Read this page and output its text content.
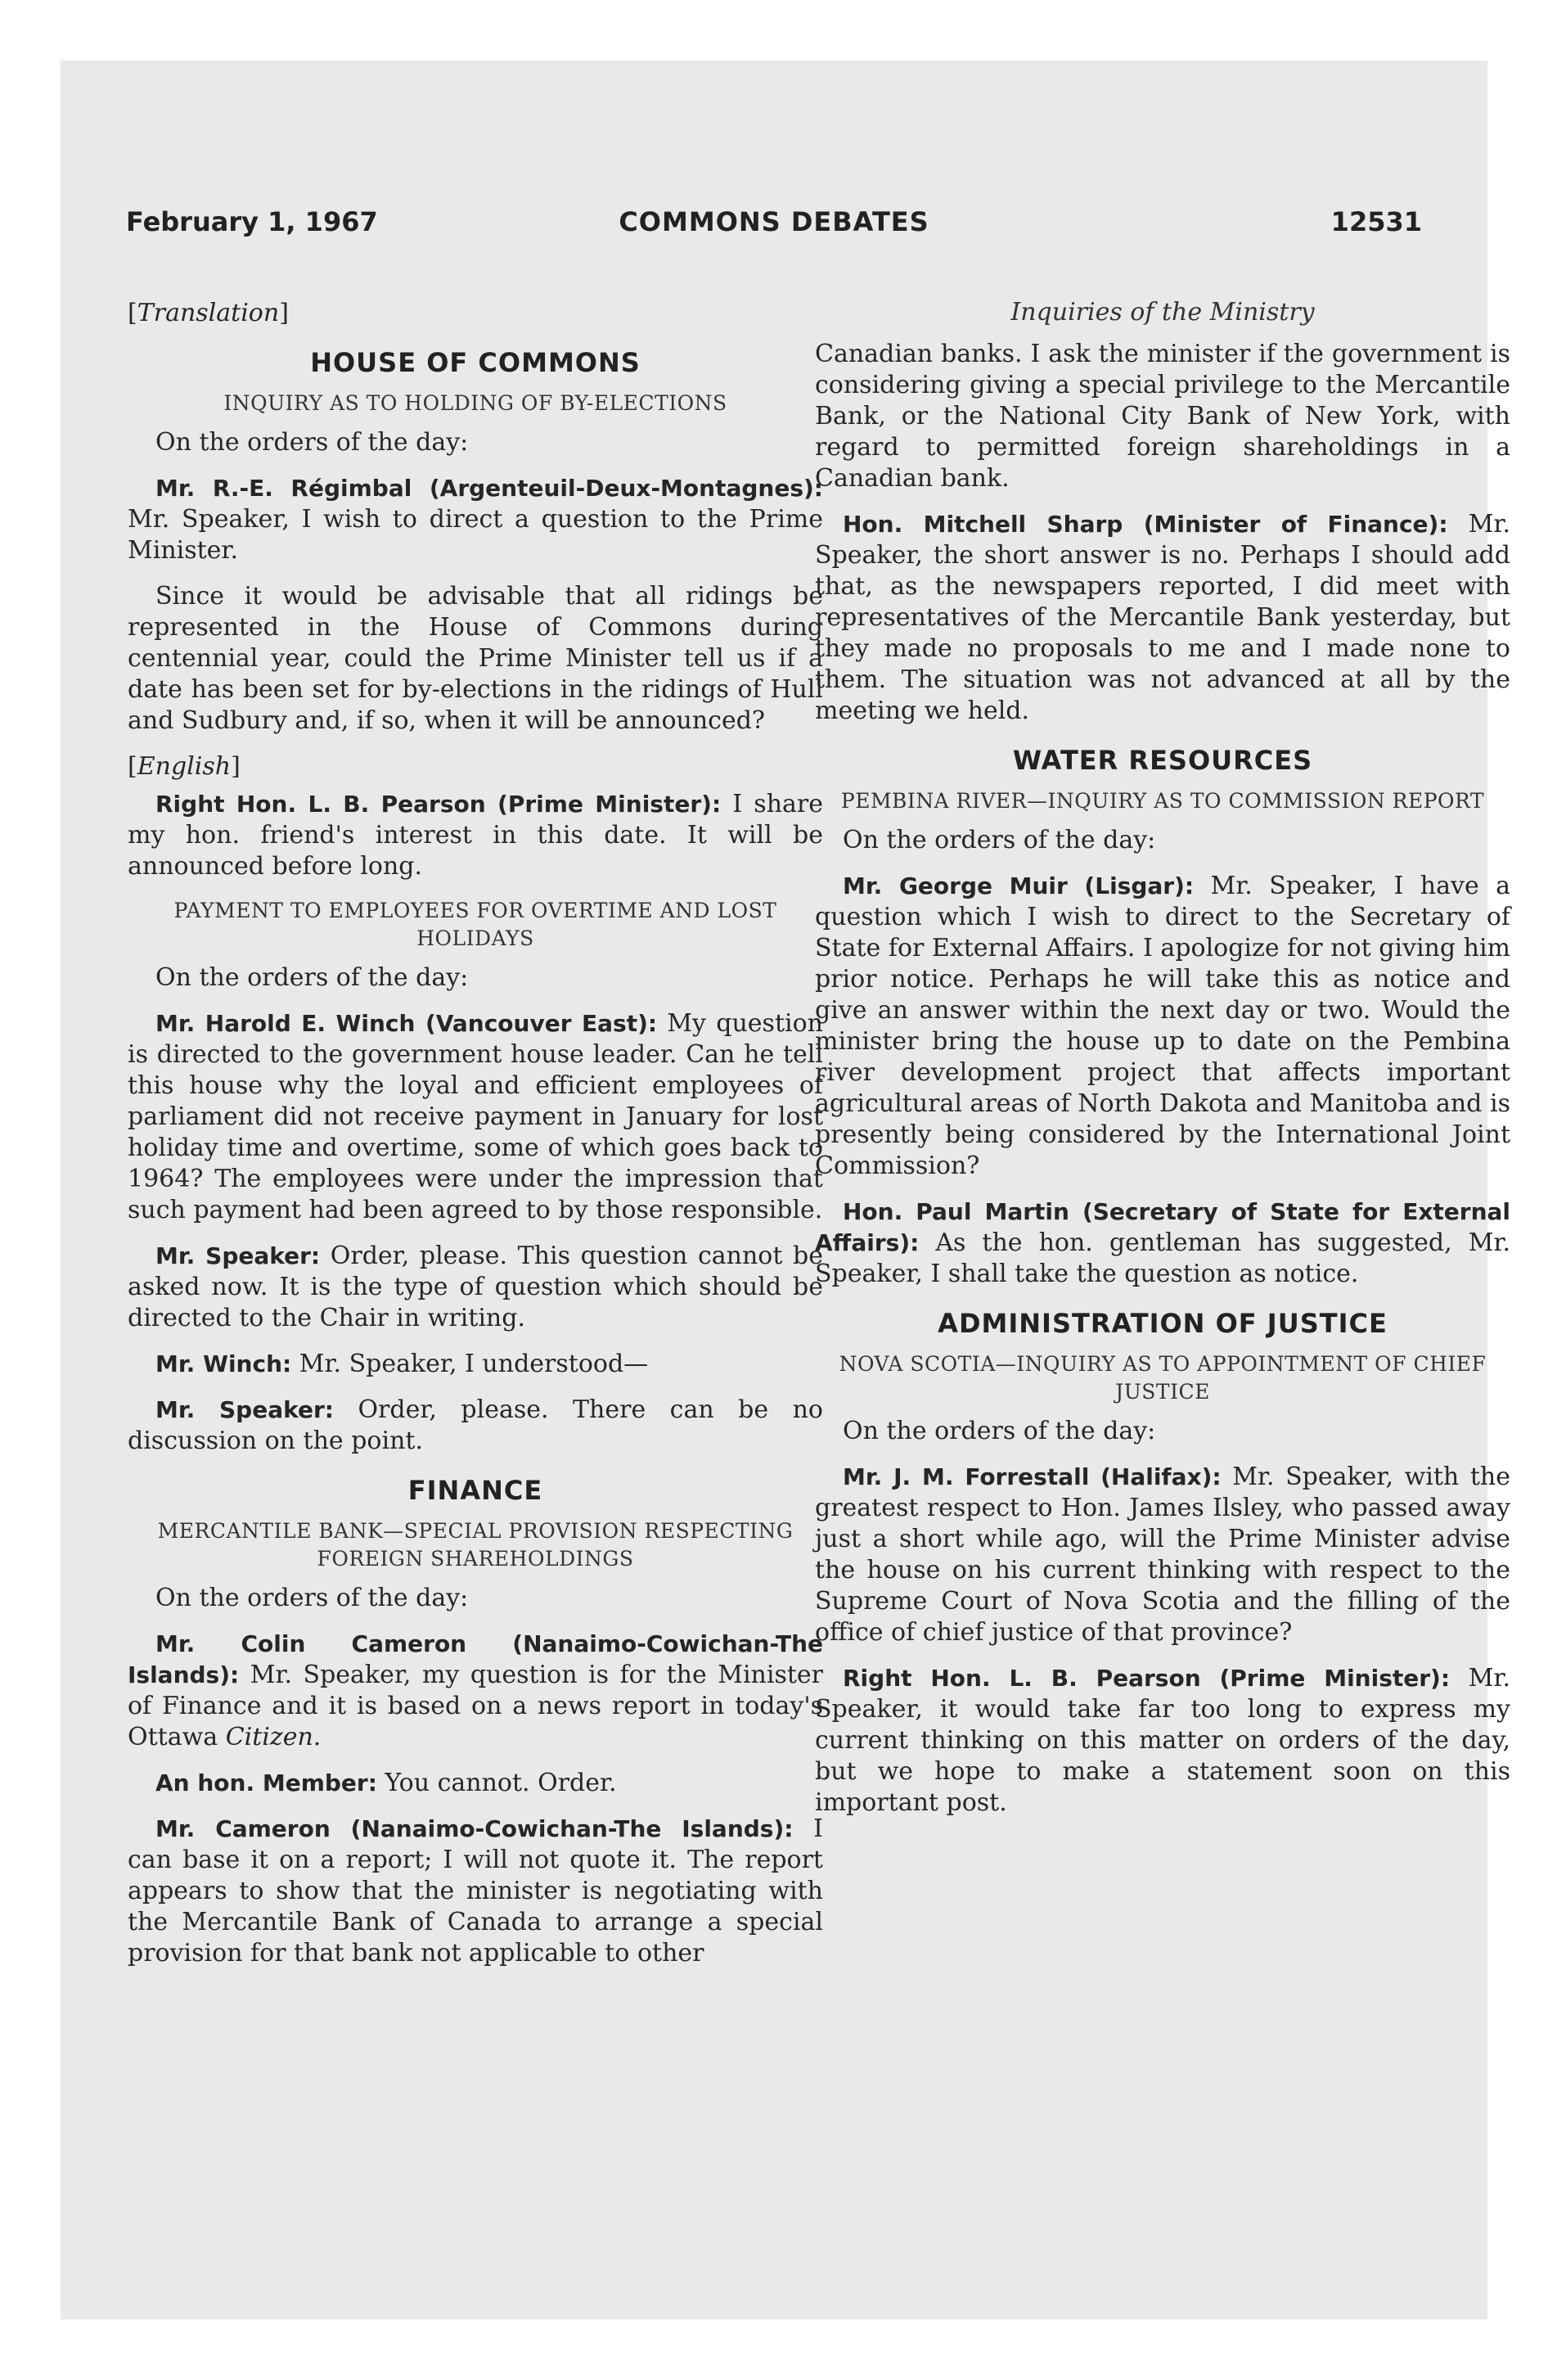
February 1, 1967	COMMONS DEBATES	12531
Inquiries of the Ministry

[Translation]

HOUSE OF COMMONS
INQUIRY AS TO HOLDING OF BY-ELECTIONS

On the orders of the day:

Mr. R.-E. Régimbal (Argenteuil-Deux-Montagnes): Mr. Speaker, I wish to direct a question to the Prime Minister.

Since it would be advisable that all ridings be represented in the House of Commons during centennial year, could the Prime Minister tell us if a date has been set for by-elections in the ridings of Hull and Sudbury and, if so, when it will be announced?

[English]

Right Hon. L. B. Pearson (Prime Minister): I share my hon. friend's interest in this date. It will be announced before long.

PAYMENT TO EMPLOYEES FOR OVERTIME AND LOST HOLIDAYS

On the orders of the day:

Mr. Harold E. Winch (Vancouver East): My question is directed to the government house leader. Can he tell this house why the loyal and efficient employees of parliament did not receive payment in January for lost holiday time and overtime, some of which goes back to 1964? The employees were under the impression that such payment had been agreed to by those responsible.

Mr. Speaker: Order, please. This question cannot be asked now. It is the type of question which should be directed to the Chair in writing.

Mr. Winch: Mr. Speaker, I understood—

Mr. Speaker: Order, please. There can be no discussion on the point.

FINANCE
MERCANTILE BANK—SPECIAL PROVISION RESPECTING FOREIGN SHAREHOLDINGS

On the orders of the day:

Mr. Colin Cameron (Nanaimo-Cowichan-The Islands): Mr. Speaker, my question is for the Minister of Finance and it is based on a news report in today's Ottawa Citizen.

An hon. Member: You cannot. Order.

Mr. Cameron (Nanaimo-Cowichan-The Islands): I can base it on a report; I will not quote it. The report appears to show that the minister is negotiating with the Mercantile Bank of Canada to arrange a special provision for that bank not applicable to other

Canadian banks. I ask the minister if the government is considering giving a special privilege to the Mercantile Bank, or the National City Bank of New York, with regard to permitted foreign shareholdings in a Canadian bank.

Hon. Mitchell Sharp (Minister of Finance): Mr. Speaker, the short answer is no. Perhaps I should add that, as the newspapers reported, I did meet with representatives of the Mercantile Bank yesterday, but they made no proposals to me and I made none to them. The situation was not advanced at all by the meeting we held.

WATER RESOURCES
PEMBINA RIVER—INQUIRY AS TO COMMISSION REPORT

On the orders of the day:

Mr. George Muir (Lisgar): Mr. Speaker, I have a question which I wish to direct to the Secretary of State for External Affairs. I apologize for not giving him prior notice. Perhaps he will take this as notice and give an answer within the next day or two. Would the minister bring the house up to date on the Pembina river development project that affects important agricultural areas of North Dakota and Manitoba and is presently being considered by the International Joint Commission?

Hon. Paul Martin (Secretary of State for External Affairs): As the hon. gentleman has suggested, Mr. Speaker, I shall take the question as notice.

ADMINISTRATION OF JUSTICE
NOVA SCOTIA—INQUIRY AS TO APPOINTMENT OF CHIEF JUSTICE

On the orders of the day:

Mr. J. M. Forrestall (Halifax): Mr. Speaker, with the greatest respect to Hon. James Ilsley, who passed away just a short while ago, will the Prime Minister advise the house on his current thinking with respect to the Supreme Court of Nova Scotia and the filling of the office of chief justice of that province?

Right Hon. L. B. Pearson (Prime Minister): Mr. Speaker, it would take far too long to express my current thinking on this matter on orders of the day, but we hope to make a statement soon on this important post.
